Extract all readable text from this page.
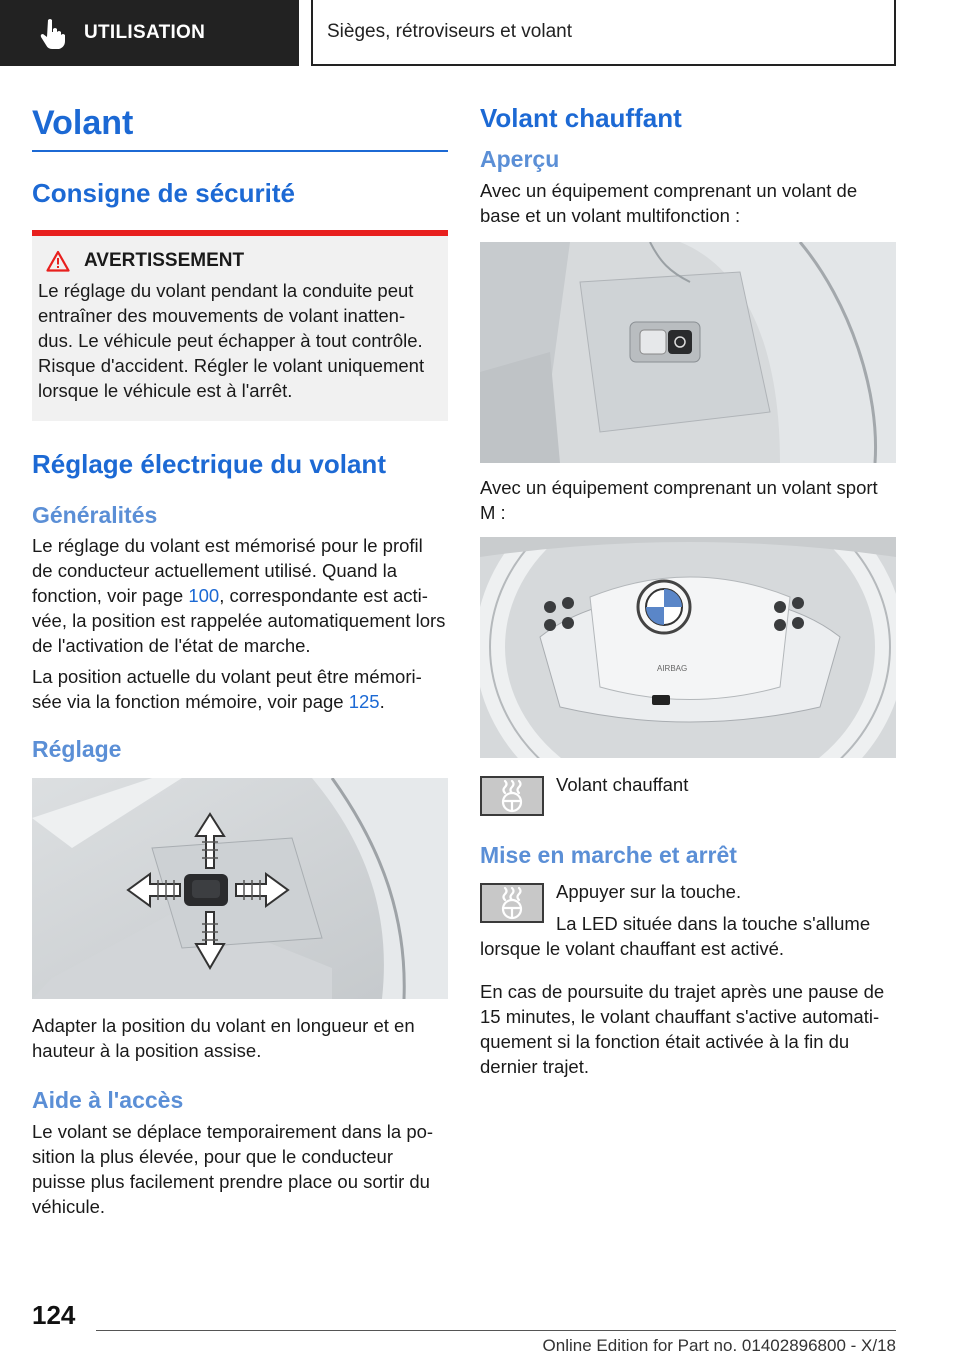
UTILISATION	Sièges, rétroviseurs et volant
Volant
Consigne de sécurité
AVERTISSEMENT

Le réglage du volant pendant la conduite peut entraîner des mouvements de volant inatten-dus. Le véhicule peut échapper à tout contrôle. Risque d'accident. Régler le volant uniquement lorsque le véhicule est à l'arrêt.

Réglage électrique du volant
Généralités

Le réglage du volant est mémorisé pour le profil de conducteur actuellement utilisé. Quand la fonction, voir page 100, correspondante est acti-vée, la position est rappelée automatiquement lors de l'activation de l'état de marche.

La position actuelle du volant peut être mémori-sée via la fonction mémoire, voir page 125.

Réglage

Adapter la position du volant en longueur et en hauteur à la position assise.

Aide à l'accès

Le volant se déplace temporairement dans la po-sition la plus élevée, pour que le conducteur puisse plus facilement prendre place ou sortir du véhicule.

Volant chauffant
Aperçu

Avec un équipement comprenant un volant de base et un volant multifonction :

Avec un équipement comprenant un volant sport M :

AIRBAG

Volant chauffant

Mise en marche et arrêt

Appuyer sur la touche.

La LED située dans la touche s'allume lorsque le volant chauffant est activé.

En cas de poursuite du trajet après une pause de 15 minutes, le volant chauffant s'active automati-quement si la fonction était activée à la fin du dernier trajet.

124
Online Edition for Part no. 01402896800 - X/18
